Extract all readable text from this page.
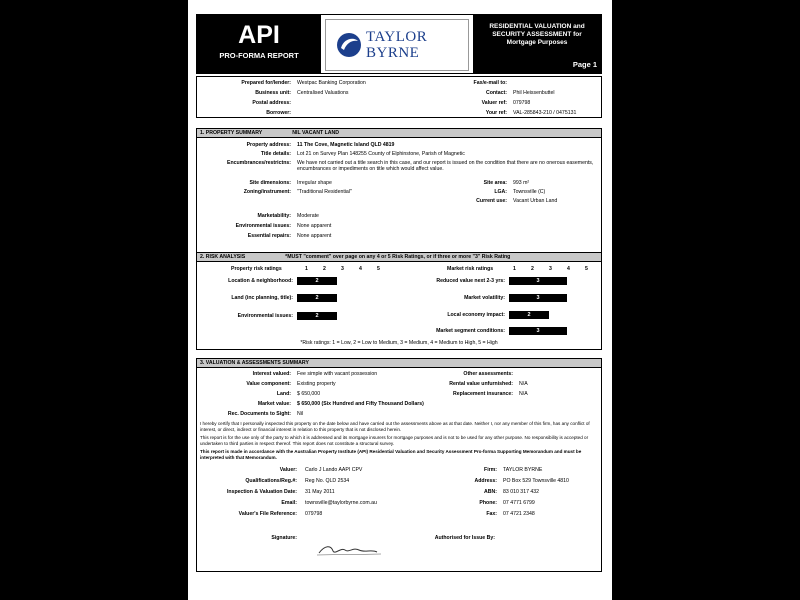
API
PRO-FORMA REPORT
TAYLOR
BYRNE
RESIDENTIAL VALUATION and
SECURITY ASSESSMENT for
Mortgage Purposes
Page 1
Prepared for/lender: Westpac Banking Corporation
Business unit: Centralised Valuations
Postal address:
Borrower:
Fax/e-mail to:
Contact: Phil Heissenbuttel
Valuer ref: 079798
Your ref: VAL-285843-210 / 0475131
1. PROPERTY SUMMARY	NIL VACANT LAND
Property address: 11 The Cove, Magnetic Island QLD 4819
Title details: Lot 21 on Survey Plan 148255 County of Elphinstone, Parish of Magnetic
Encumbrances/restrictns: We have not carried out a title search in this case, and our report is issued on the condition that there are no onerous easements, encumbrances or impediments on title which would affect value.
Site dimensions: Irregular shape
Zoning/instrument: "Traditional Residential"
Site area: 993 m²
LGA: Townsville (C)
Current use: Vacant Urban Land
Marketability: Moderate
Environmental issues: None apparent
Essential repairs: None apparent
2. RISK ANALYSIS	*MUST "comment" over page on any 4 or 5 Risk Ratings, or if three or more "3" Risk Rating
Property risk ratings	1	2	3	4	5	Market risk ratings	1	2	3	4	5
Location & neighborhood:	2
Land (inc planning, title):	2
Environmental issues:	2
Reduced value next 2-3 yrs:	3
Market volatility:	3
Local economy impact:	2
Market segment conditions:	3
*Risk ratings: 1 = Low, 2 = Low to Medium, 3 = Medium, 4 = Medium to High, 5 = High
3. VALUATION & ASSESSMENTS SUMMARY
Interest valued: Fee simple with vacant possession
Value component: Existing property
Land: $ 650,000
Market value: $ 650,000 (Six Hundred and Fifty Thousand Dollars)
Rec. Documents to Sight: Nil
Other assessments:
Rental value unfurnished: N/A
Replacement insurance: N/A
I hereby certify that I personally inspected this property on the date below and have carried out the assessments above as at that date. Neither I, nor any member of this firm, has any conflict of interest, or direct, indirect or financial interest in relation to this property that is not disclosed herein.
This report is for the use only of the party to which it is addressed and its mortgage insurers for mortgage purposes and is not to be used for any other purpose. No responsibility is accepted or undertaken to third parties in respect thereof. This report does not constitute a structural survey.
This report is made in accordance with the Australian Property Institute (API) Residential Valuation and Security Assessment Pro-forma Supporting Memorandum and must be interpreted with that Memorandum.
Valuer: Carlo J Lando AAPI CPV
Qualifications/Reg.#: Reg No. QLD 2534
Inspection & Valuation Date: 31 May 2011
Email: townsville@taylorbyrne.com.au
Valuer's File Reference: 079798
Firm: TAYLOR BYRNE
Address: PO Box 529 Townsville 4810
ABN: 83 010 317 432
Phone: 07 4771 6799
Fax: 07 4721 2348
Signature:	Authorised for Issue By:
